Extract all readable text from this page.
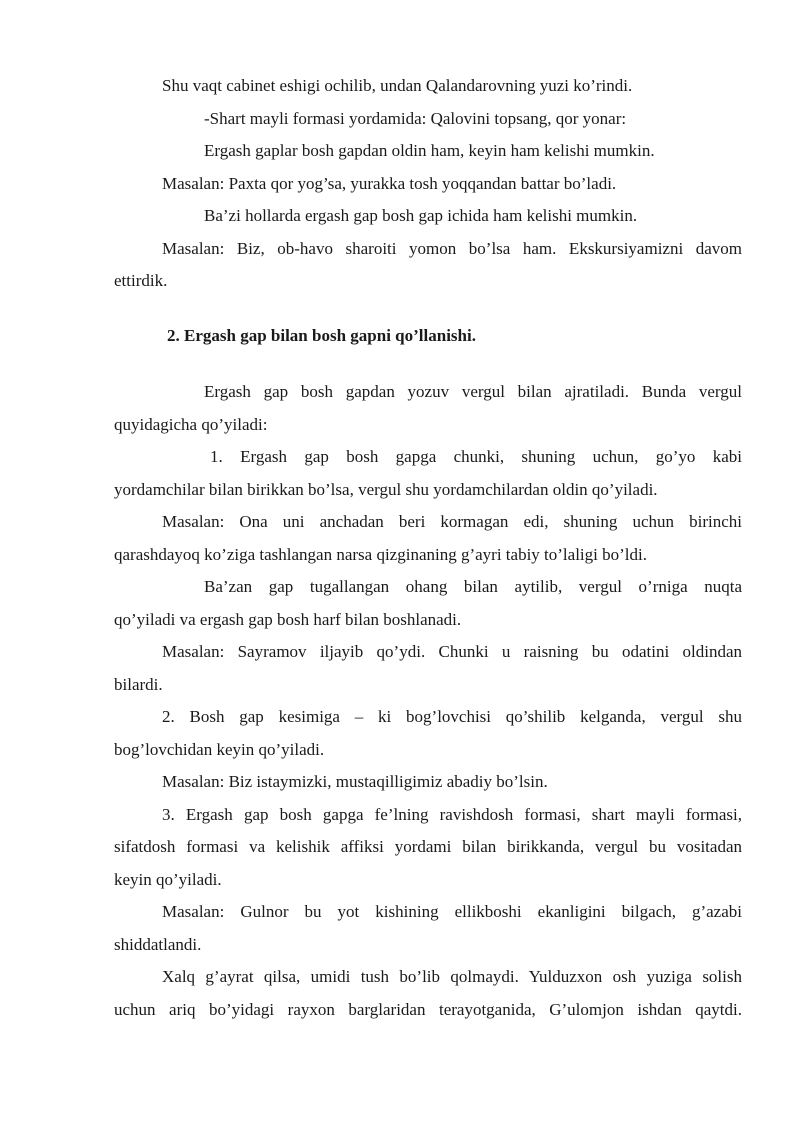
Shu vaqt cabinet eshigi ochilib, undan Qalandarovning yuzi ko’rindi.
-Shart mayli formasi yordamida: Qalovini topsang, qor yonar:
Ergash gaplar bosh gapdan oldin ham, keyin ham kelishi mumkin.
Masalan: Paxta qor yog’sa, yurakka tosh yoqqandan battar bo’ladi.
Ba’zi hollarda ergash gap bosh gap ichida ham kelishi mumkin.
Masalan: Biz, ob-havo sharoiti yomon bo’lsa ham. Ekskursiyamizni davom
ettirdik.
2. Ergash gap bilan bosh gapni qo’llanishi.
Ergash gap bosh gapdan yozuv vergul bilan ajratiladi. Bunda vergul
quyidagicha qo’yiladi:
1. Ergash gap bosh gapga chunki, shuning uchun, go’yo kabi
yordamchilar bilan birikkan bo’lsa, vergul shu yordamchilardan oldin qo’yiladi.
Masalan: Ona uni anchadan beri kormagan edi, shuning uchun birinchi
qarashdayoq ko’ziga tashlangan narsa qizginaning g’ayri tabiy to’laligi bo’ldi.
Ba’zan gap tugallangan ohang bilan aytilib, vergul o’rniga nuqta
qo’yiladi va ergash gap bosh harf bilan boshlanadi.
Masalan: Sayramov iljayib qo’ydi. Chunki u raisning bu odatini oldindan
bilardi.
2. Bosh gap kesimiga – ki bog’lovchisi qo’shilib kelganda, vergul shu
bog’lovchidan keyin qo’yiladi.
Masalan: Biz istaymizki, mustaqilligimiz abadiy bo’lsin.
3. Ergash gap bosh gapga fe’lning ravishdosh formasi, shart mayli formasi,
sifatdosh formasi va kelishik affiksi yordami bilan birikkanda, vergul bu vositadan
keyin qo’yiladi.
Masalan: Gulnor bu yot kishining ellikboshi ekanligini bilgach, g’azabi
shiddatlandi.
Xalq g’ayrat qilsa, umidi tush bo’lib qolmaydi. Yulduzxon osh yuziga solish
uchun ariq bo’yidagi rayxon barglaridan terayotganida, G’ulomjon ishdan qaytdi.
